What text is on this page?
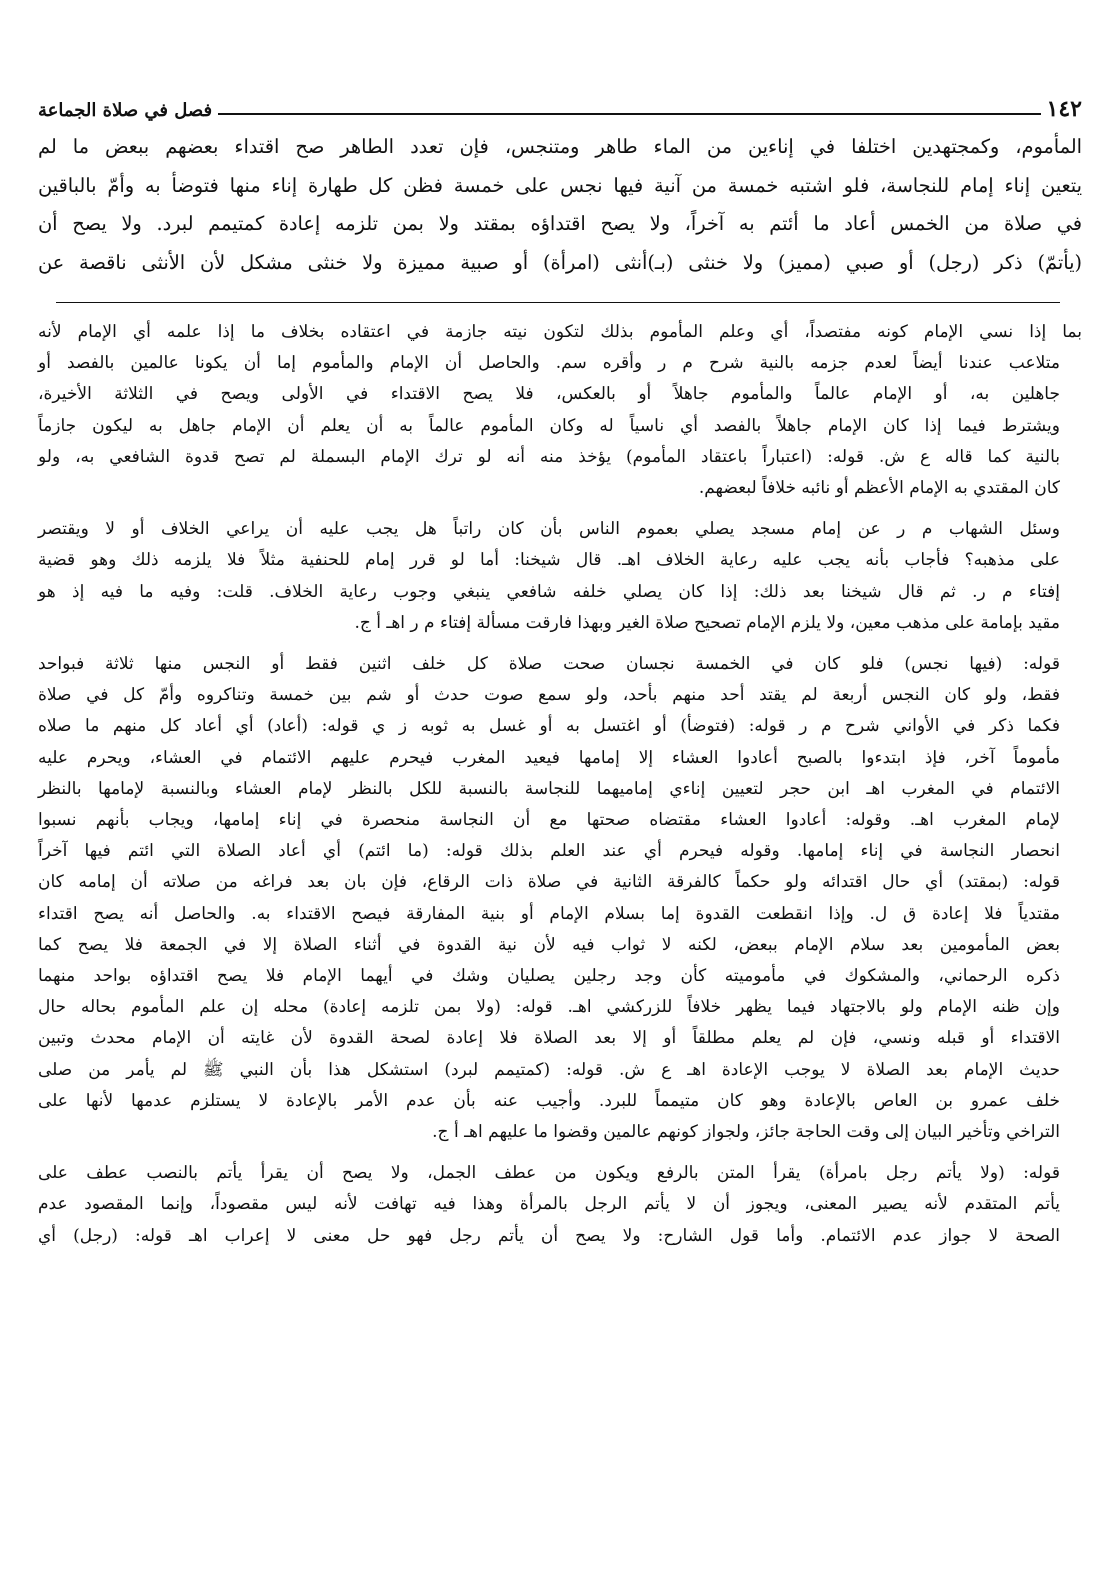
١٤٢
فصل في صلاة الجماعة
المأموم، وكمجتهدين اختلفا في إناءين من الماء طاهر ومتنجس، فإن تعدد الطاهر صح اقتداء بعضهم ببعض ما لم
يتعين إناء إمام للنجاسة، فلو اشتبه خمسة من آنية فيها نجس على خمسة فظن كل طهارة إناء منها فتوضأ به وأمّ بالباقين
في صلاة من الخمس أعاد ما أئتم به آخراً، ولا يصح اقتداؤه بمقتد ولا بمن تلزمه إعادة كمتيمم لبرد. ولا يصح أن
(يأتمّ) ذكر (رجل) أو صبي (مميز) ولا خنثى (ب‍ـ)أنثى (امرأة) أو صبية مميزة ولا خنثى مشكل لأن الأنثى ناقصة عن

بما إذا نسي الإمام كونه مفتصداً، أي وعلم المأموم بذلك لتكون نيته جازمة في اعتقاده بخلاف ما إذا علمه أي الإمام لأنه
متلاعب عندنا أيضاً لعدم جزمه بالنية شرح م ر وأقره سم. والحاصل أن الإمام والمأموم إما أن يكونا عالمين بالفصد أو
جاهلين به، أو الإمام عالماً والمأموم جاهلاً أو بالعكس، فلا يصح الاقتداء في الأولى ويصح في الثلاثة الأخيرة،
ويشترط فيما إذا كان الإمام جاهلاً بالفصد أي ناسياً له وكان المأموم عالماً به أن يعلم أن الإمام جاهل به ليكون جازماً
بالنية كما قاله ع ش. قوله: (اعتباراً باعتقاد المأموم) يؤخذ منه أنه لو ترك الإمام البسملة لم تصح قدوة الشافعي به، ولو
كان المقتدي به الإمام الأعظم أو نائبه خلافاً لبعضهم.

وسئل الشهاب م ر عن إمام مسجد يصلي بعموم الناس بأن كان راتباً هل يجب عليه أن يراعي الخلاف أو لا ويقتصر
على مذهبه؟ فأجاب بأنه يجب عليه رعاية الخلاف اهـ. قال شيخنا: أما لو قرر إمام للحنفية مثلاً فلا يلزمه ذلك وهو قضية
إفتاء م ر. ثم قال شيخنا بعد ذلك: إذا كان يصلي خلفه شافعي ينبغي وجوب رعاية الخلاف. قلت: وفيه ما فيه إذ هو
مقيد بإمامة على مذهب معين، ولا يلزم الإمام تصحيح صلاة الغير وبهذا فارقت مسألة إفتاء م ر اهـ أ ج.

قوله: (فيها نجس) فلو كان في الخمسة نجسان صحت صلاة كل خلف اثنين فقط أو النجس منها ثلاثة فبواحد
فقط، ولو كان النجس أربعة لم يقتد أحد منهم بأحد، ولو سمع صوت حدث أو شم بين خمسة وتناكروه وأمّ كل في صلاة
فكما ذكر في الأواني شرح م ر قوله: (فتوضأ) أو اغتسل به أو غسل به ثوبه ز ي قوله: (أعاد) أي أعاد كل منهم ما صلاه
مأموماً آخر، فإذ ابتدءوا بالصبح أعادوا العشاء إلا إمامها فيعيد المغرب فيحرم عليهم الائتمام في العشاء، ويحرم عليه
الائتمام في المغرب اهـ ابن حجر لتعيين إناءي إماميهما للنجاسة بالنسبة للكل بالنظر لإمام العشاء وبالنسبة لإمامها بالنظر
لإمام المغرب اهـ. وقوله: أعادوا العشاء مقتضاه صحتها مع أن النجاسة منحصرة في إناء إمامها، ويجاب بأنهم نسبوا
انحصار النجاسة في إناء إمامها. وقوله فيحرم أي عند العلم بذلك قوله: (ما ائتم) أي أعاد الصلاة التي ائتم فيها آخراً
قوله: (بمقتد) أي حال اقتدائه ولو حكماً كالفرقة الثانية في صلاة ذات الرقاع، فإن بان بعد فراغه من صلاته أن إمامه كان
مقتدياً فلا إعادة ق ل. وإذا انقطعت القدوة إما بسلام الإمام أو بنية المفارقة فيصح الاقتداء به. والحاصل أنه يصح اقتداء
بعض المأمومين بعد سلام الإمام ببعض، لكنه لا ثواب فيه لأن نية القدوة في أثناء الصلاة إلا في الجمعة فلا يصح كما
ذكره الرحماني، والمشكوك في مأموميته كأن وجد رجلين يصليان وشك في أيهما الإمام فلا يصح اقتداؤه بواحد منهما
وإن ظنه الإمام ولو بالاجتهاد فيما يظهر خلافاً للزركشي اهـ. قوله: (ولا بمن تلزمه إعادة) محله إن علم المأموم بحاله حال
الاقتداء أو قبله ونسي، فإن لم يعلم مطلقاً أو إلا بعد الصلاة فلا إعادة لصحة القدوة لأن غايته أن الإمام محدث وتبين
حديث الإمام بعد الصلاة لا يوجب الإعادة اهـ ع ش. قوله: (كمتيمم لبرد) استشكل هذا بأن النبي ﷺ لم يأمر من صلى
خلف عمرو بن العاص بالإعادة وهو كان متيمماً للبرد. وأجيب عنه بأن عدم الأمر بالإعادة لا يستلزم عدمها لأنها على
التراخي وتأخير البيان إلى وقت الحاجة جائز، ولجواز كونهم عالمين وقضوا ما عليهم اهـ أ ج.

قوله: (ولا يأتم رجل بامرأة) يقرأ المتن بالرفع ويكون من عطف الجمل، ولا يصح أن يقرأ يأتم بالنصب عطف على
يأتم المتقدم لأنه يصير المعنى، ويجوز أن لا يأتم الرجل بالمرأة وهذا فيه تهافت لأنه ليس مقصوداً، وإنما المقصود عدم
الصحة لا جواز عدم الائتمام. وأما قول الشارح: ولا يصح أن يأتم رجل فهو حل معنى لا إعراب اهـ قوله: (رجل) أي
